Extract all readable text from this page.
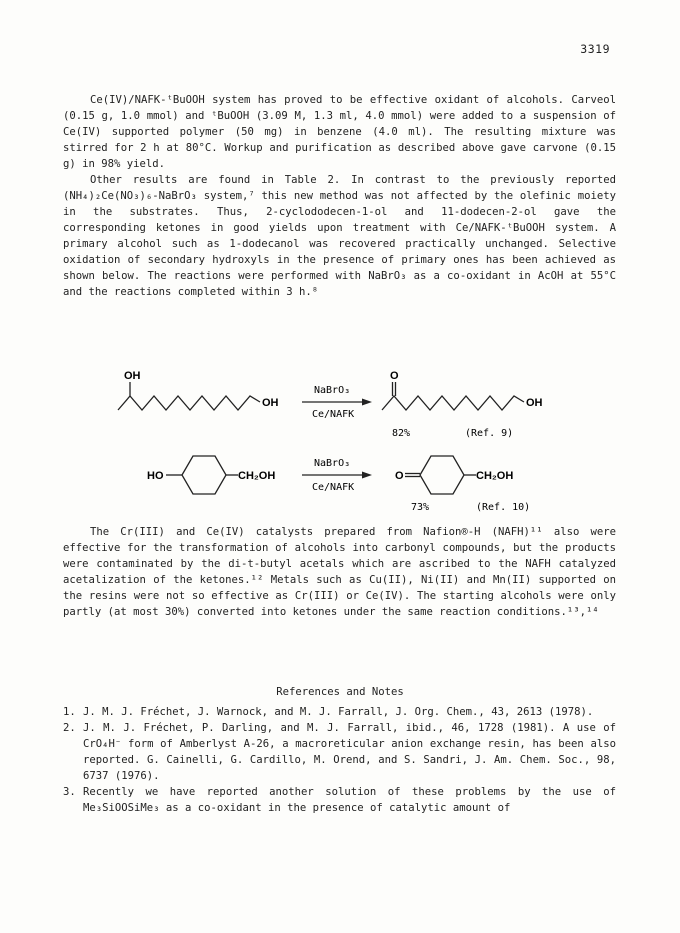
3319

Ce(IV)/NAFK-ᵗBuOOH system has proved to be effective oxidant of alcohols. Carveol (0.15 g, 1.0 mmol) and ᵗBuOOH (3.09 M, 1.3 ml, 4.0 mmol) were added to a suspension of Ce(IV) supported polymer (50 mg) in benzene (4.0 ml). The resulting mixture was stirred for 2 h at 80°C. Workup and purification as described above gave carvone (0.15 g) in 98% yield.

Other results are found in Table 2. In contrast to the previously reported (NH₄)₂Ce(NO₃)₆-NaBrO₃ system,⁷ this new method was not affected by the olefinic moiety in the substrates. Thus, 2-cyclododecen-1-ol and 11-dodecen-2-ol gave the corresponding ketones in good yields upon treatment with Ce/NAFK-ᵗBuOOH system. A primary alcohol such as 1-dodecanol was recovered practically unchanged. Selective oxidation of secondary hydroxyls in the presence of primary ones has been achieved as shown below. The reactions were performed with NaBrO₃ as a co-oxidant in AcOH at 55°C and the reactions completed within 3 h.⁸

OH
OH
NaBrO₃
Ce/NAFK
O
OH
82%	(Ref. 9)
HO	CH₂OH
NaBrO₃
Ce/NAFK
O	CH₂OH
73%	(Ref. 10)

The Cr(III) and Ce(IV) catalysts prepared from Nafion®-H (NAFH)¹¹ also were effective for the transformation of alcohols into carbonyl compounds, but the products were contaminated by the di-t-butyl acetals which are ascribed to the NAFH catalyzed acetalization of the ketones.¹² Metals such as Cu(II), Ni(II) and Mn(II) supported on the resins were not so effective as Cr(III) or Ce(IV). The starting alcohols were only partly (at most 30%) converted into ketones under the same reaction conditions.¹³,¹⁴

References and Notes
1. J. M. J. Fréchet, J. Warnock, and M. J. Farrall, J. Org. Chem., 43, 2613 (1978).
2. J. M. J. Fréchet, P. Darling, and M. J. Farrall, ibid., 46, 1728 (1981). A use of CrO₄H⁻ form of Amberlyst A-26, a macroreticular anion exchange resin, has been also reported. G. Cainelli, G. Cardillo, M. Orend, and S. Sandri, J. Am. Chem. Soc., 98, 6737 (1976).
3. Recently we have reported another solution of these problems by the use of Me₃SiOOSiMe₃ as a co-oxidant in the presence of catalytic amount of
